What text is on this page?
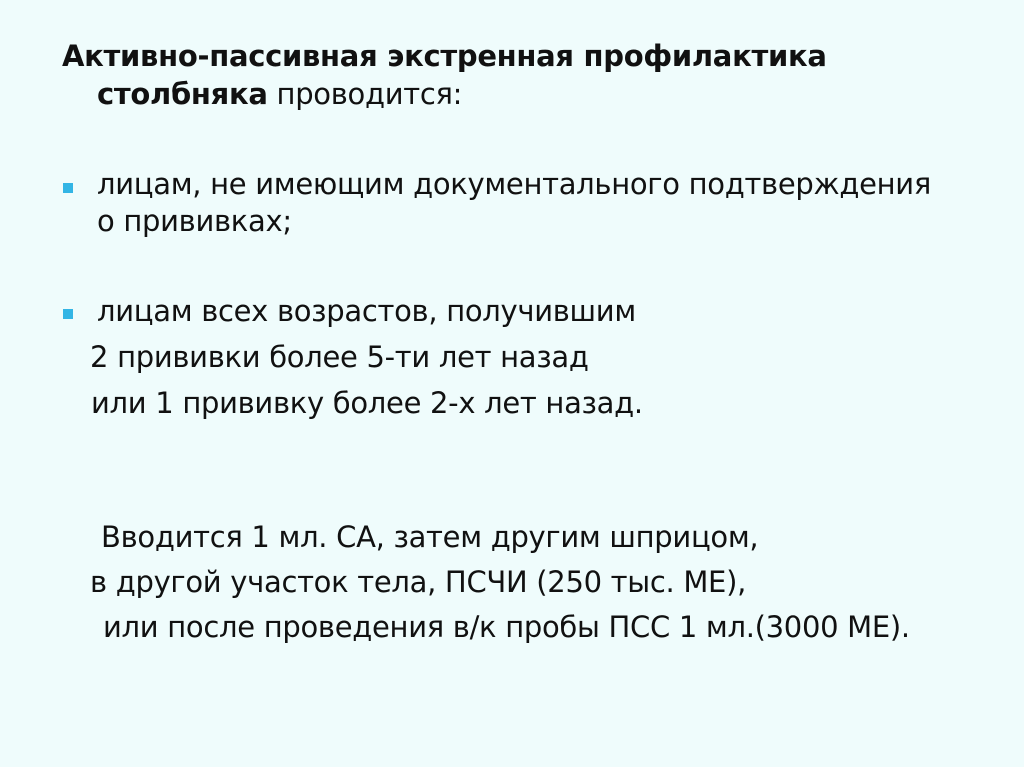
Активно-пассивная экстренная профилактика
столбняка проводится:
лицам, не имеющим документального подтверждения
о прививках;
лицам всех возрастов, получившим
2 прививки более 5-ти лет назад
или 1 прививку более 2-х лет назад.
Вводится 1 мл. СА, затем другим шприцом,
в другой участок тела, ПСЧИ (250 тыс. МЕ),
или после проведения в/к пробы ПСС 1 мл.(3000 МЕ).
